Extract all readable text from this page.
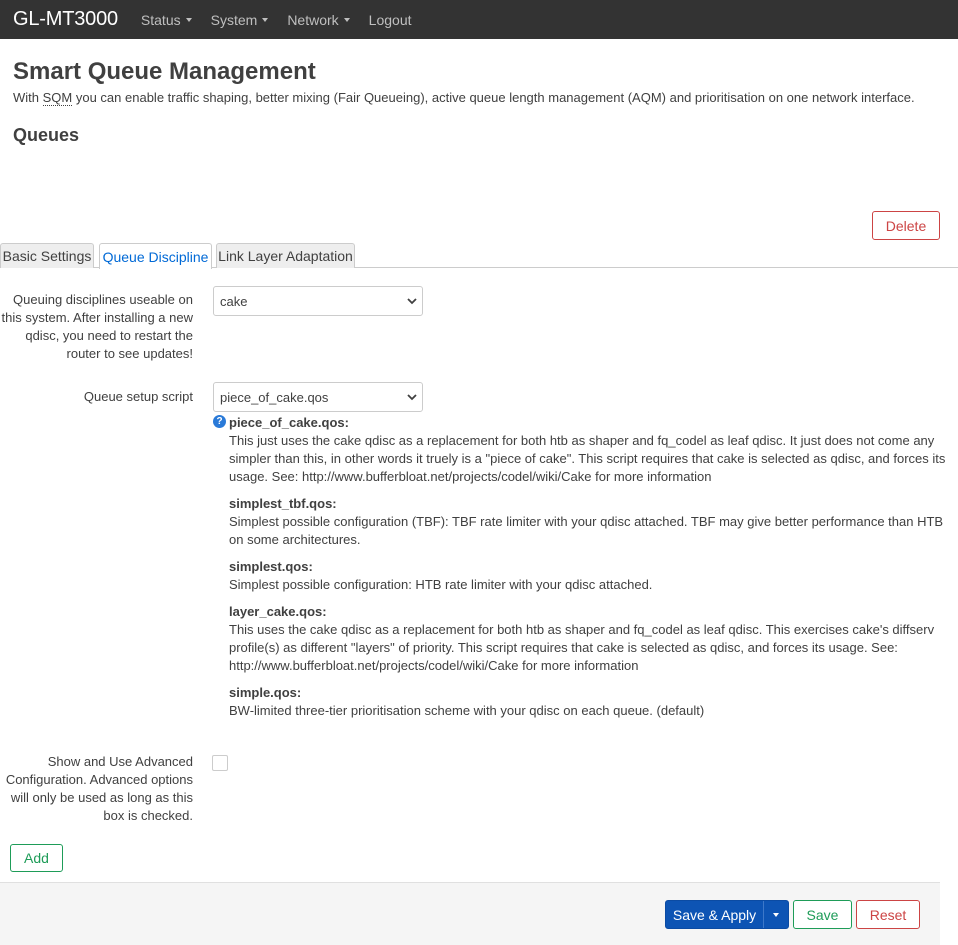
GL-MT3000 Status System Network Logout
Smart Queue Management
With SQM you can enable traffic shaping, better mixing (Fair Queueing), active queue length management (AQM) and prioritisation on one network interface.
Queues
Delete
Basic Settings Queue Discipline Link Layer Adaptation
Queuing disciplines useable on this system. After installing a new qdisc, you need to restart the router to see updates!
cake
Queue setup script
piece_of_cake.qos
? piece_of_cake.qos:
This just uses the cake qdisc as a replacement for both htb as shaper and fq_codel as leaf qdisc. It just does not come any simpler than this, in other words it truely is a "piece of cake". This script requires that cake is selected as qdisc, and forces its usage. See: http://www.bufferbloat.net/projects/codel/wiki/Cake for more information
simplest_tbf.qos:
Simplest possible configuration (TBF): TBF rate limiter with your qdisc attached. TBF may give better performance than HTB on some architectures.
simplest.qos:
Simplest possible configuration: HTB rate limiter with your qdisc attached.
layer_cake.qos:
This uses the cake qdisc as a replacement for both htb as shaper and fq_codel as leaf qdisc. This exercises cake's diffserv profile(s) as different "layers" of priority. This script requires that cake is selected as qdisc, and forces its usage. See: http://www.bufferbloat.net/projects/codel/wiki/Cake for more information
simple.qos:
BW-limited three-tier prioritisation scheme with your qdisc on each queue. (default)
Show and Use Advanced Configuration. Advanced options will only be used as long as this box is checked.
Add
Save & Apply	Save	Reset
